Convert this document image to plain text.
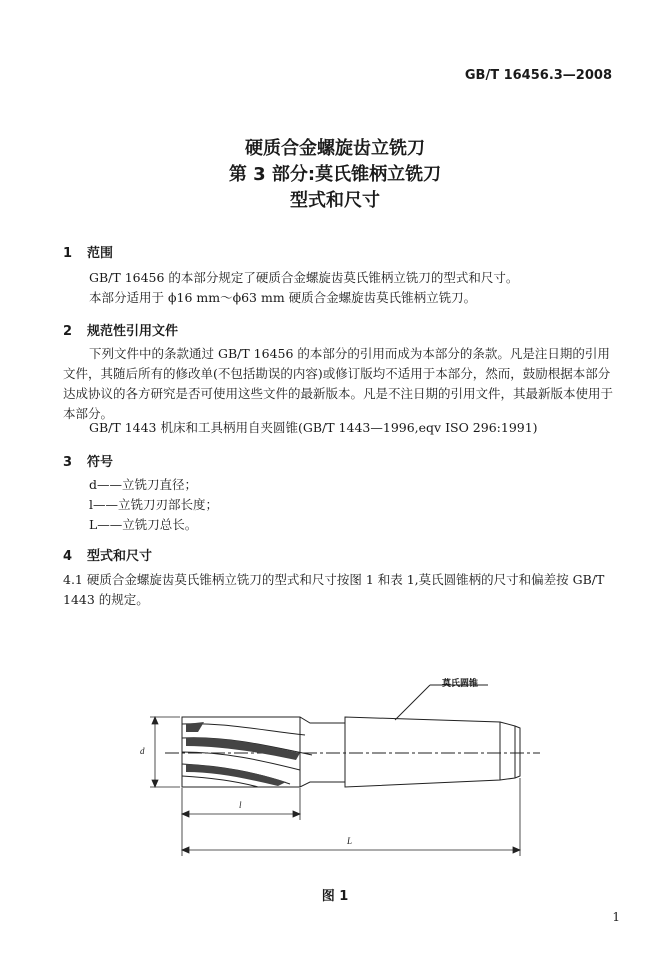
GB/T 16456.3—2008
硬质合金螺旋齿立铣刀
第 3 部分:莫氏锥柄立铣刀
型式和尺寸
1 范围
GB/T 16456 的本部分规定了硬质合金螺旋齿莫氏锥柄立铣刀的型式和尺寸。
本部分适用于 ϕ16 mm～ϕ63 mm 硬质合金螺旋齿莫氏锥柄立铣刀。
2 规范性引用文件
下列文件中的条款通过 GB/T 16456 的本部分的引用而成为本部分的条款。凡是注日期的引用文件，其随后所有的修改单(不包括勘误的内容)或修订版均不适用于本部分，然而，鼓励根据本部分达成协议的各方研究是否可使用这些文件的最新版本。凡是不注日期的引用文件，其最新版本使用于本部分。
GB/T 1443 机床和工具柄用自夹圆锥(GB/T 1443—1996,eqv ISO 296:1991)
3 符号
d——立铣刀直径；
l——立铣刀刃部长度；
L——立铣刀总长。
4 型式和尺寸
4.1 硬质合金螺旋齿莫氏锥柄立铣刀的型式和尺寸按图 1 和表 1,莫氏圆锥柄的尺寸和偏差按 GB/T 1443 的规定。
莫氏圆锥
d
l
L
图 1
1
